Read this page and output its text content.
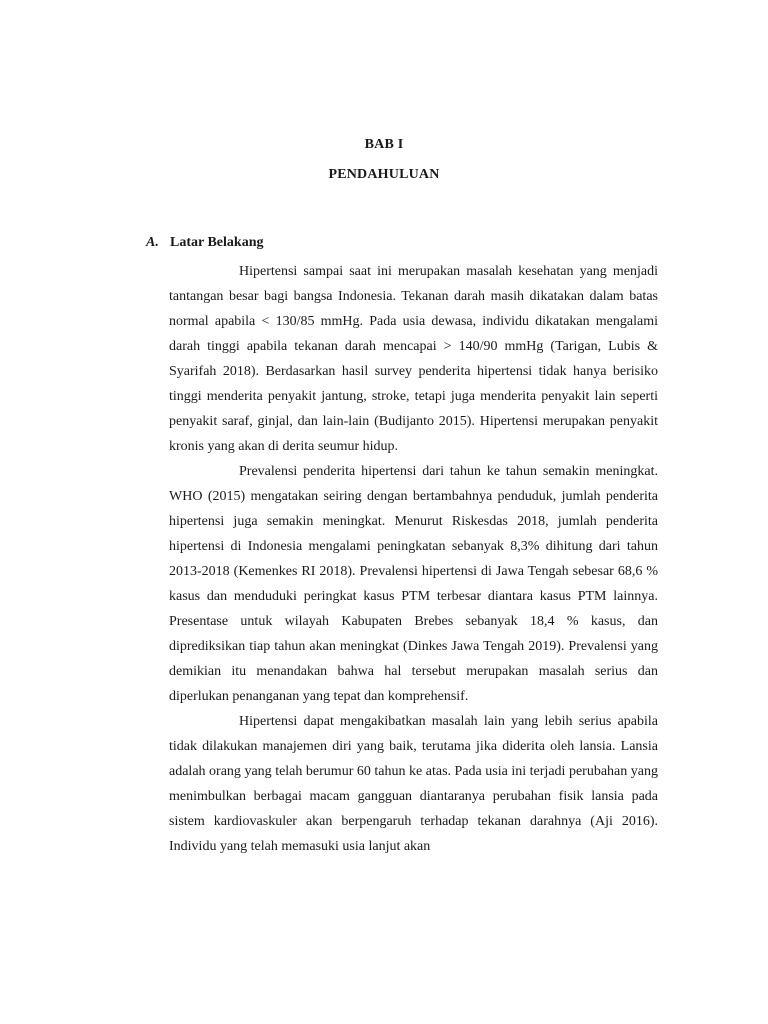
BAB I
PENDAHULUAN
A. Latar Belakang

Hipertensi sampai saat ini merupakan masalah kesehatan yang menjadi tantangan besar bagi bangsa Indonesia. Tekanan darah masih dikatakan dalam batas normal apabila < 130/85 mmHg. Pada usia dewasa, individu dikatakan mengalami darah tinggi apabila tekanan darah mencapai > 140/90 mmHg (Tarigan, Lubis & Syarifah 2018). Berdasarkan hasil survey penderita hipertensi tidak hanya berisiko tinggi menderita penyakit jantung, stroke, tetapi juga menderita penyakit lain seperti penyakit saraf, ginjal, dan lain-lain (Budijanto 2015). Hipertensi merupakan penyakit kronis yang akan di derita seumur hidup.

Prevalensi penderita hipertensi dari tahun ke tahun semakin meningkat. WHO (2015) mengatakan seiring dengan bertambahnya penduduk, jumlah penderita hipertensi juga semakin meningkat. Menurut Riskesdas 2018, jumlah penderita hipertensi di Indonesia mengalami peningkatan sebanyak 8,3% dihitung dari tahun 2013-2018 (Kemenkes RI 2018). Prevalensi hipertensi di Jawa Tengah sebesar 68,6 % kasus dan menduduki peringkat kasus PTM terbesar diantara kasus PTM lainnya. Presentase untuk wilayah Kabupaten Brebes sebanyak 18,4 % kasus, dan diprediksikan tiap tahun akan meningkat (Dinkes Jawa Tengah 2019). Prevalensi yang demikian itu menandakan bahwa hal tersebut merupakan masalah serius dan diperlukan penanganan yang tepat dan komprehensif.

Hipertensi dapat mengakibatkan masalah lain yang lebih serius apabila tidak dilakukan manajemen diri yang baik, terutama jika diderita oleh lansia. Lansia adalah orang yang telah berumur 60 tahun ke atas. Pada usia ini terjadi perubahan yang menimbulkan berbagai macam gangguan diantaranya perubahan fisik lansia pada sistem kardiovaskuler akan berpengaruh terhadap tekanan darahnya (Aji 2016). Individu yang telah memasuki usia lanjut akan
